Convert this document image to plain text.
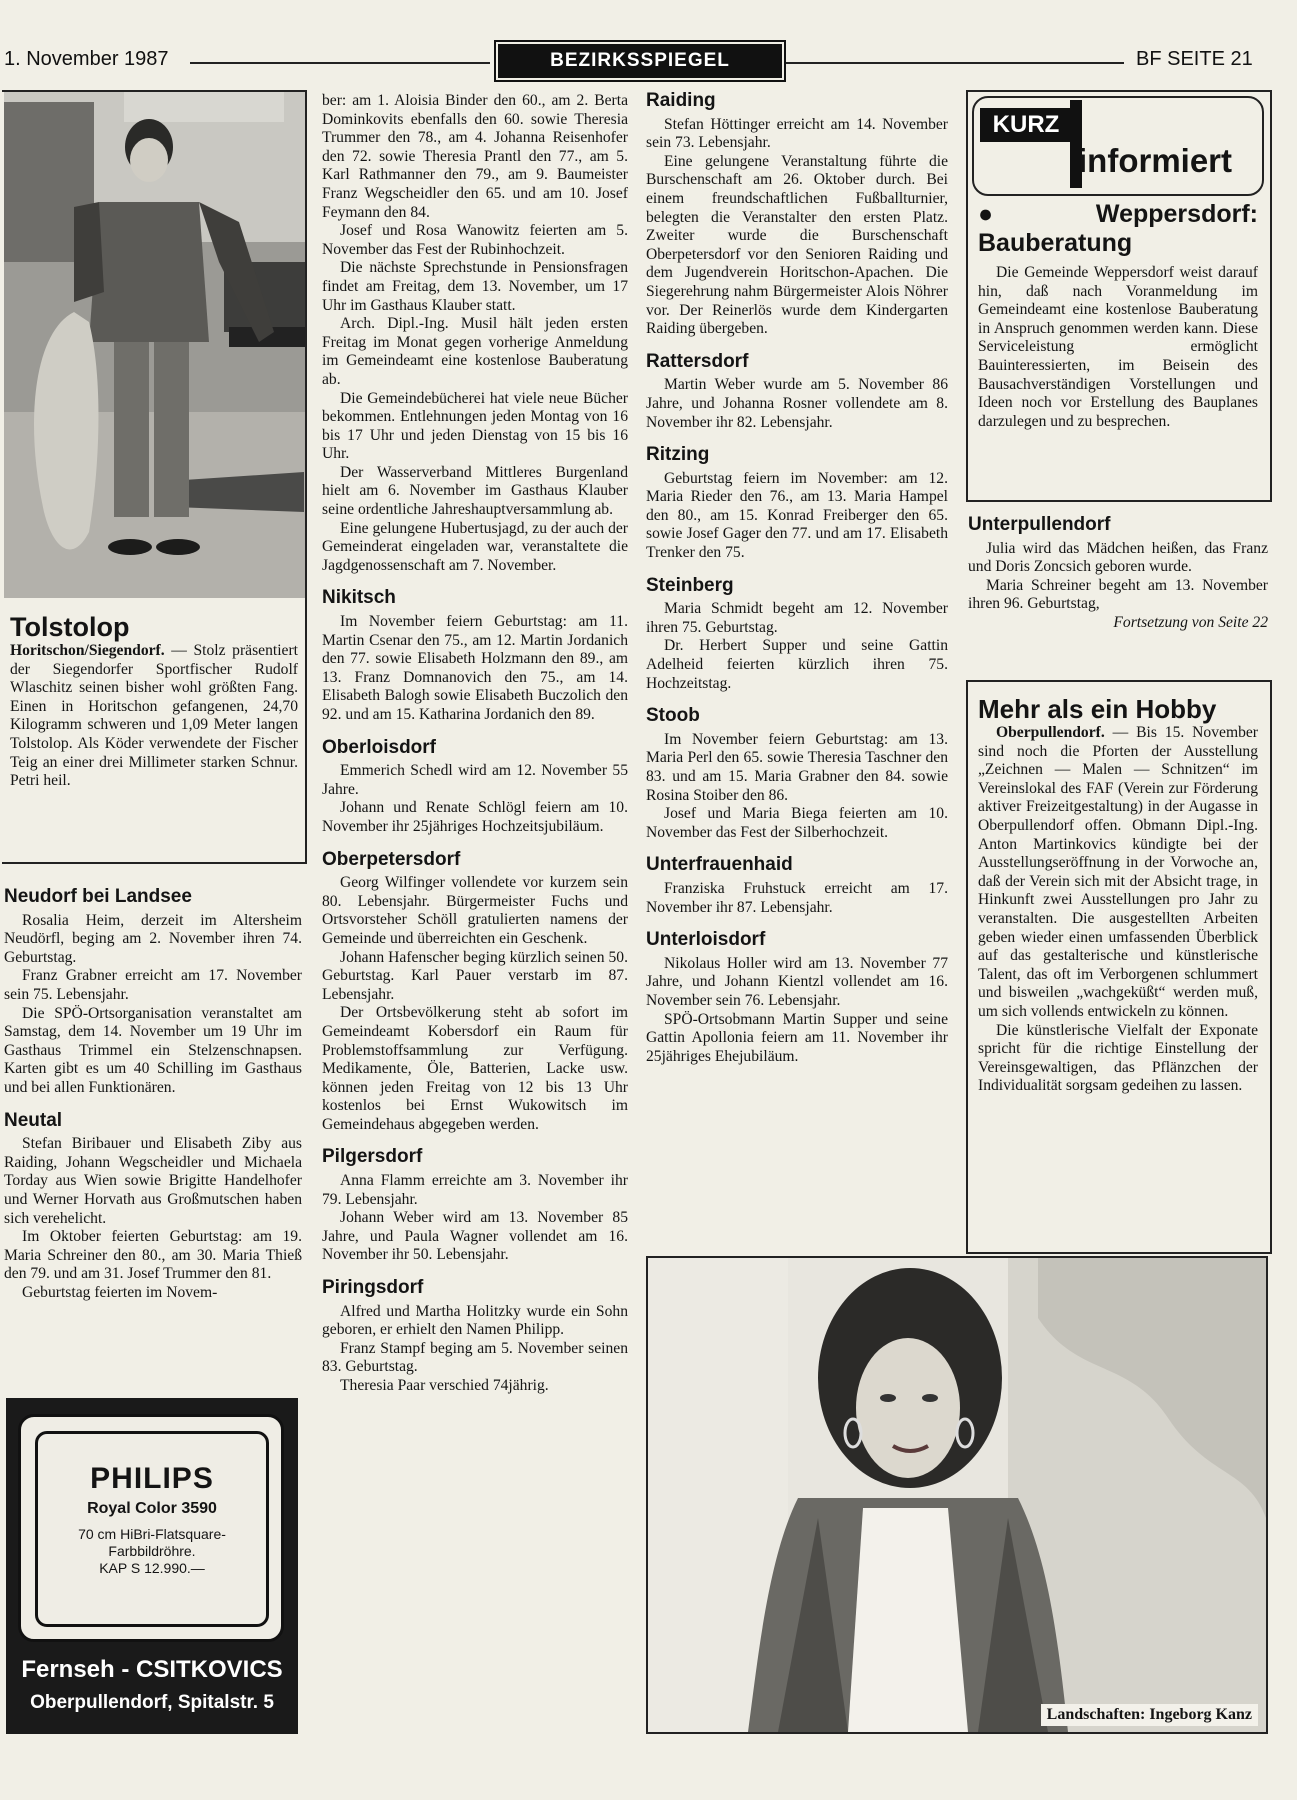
1. November 1987	BEZIRKSSPIEGEL	BF SEITE 21

Tolstolop

Horitschon/Siegendorf. — Stolz präsentiert der Siegendorfer Sportfischer Rudolf Wlaschitz seinen bisher wohl größten Fang. Einen in Horitschon gefangenen, 24,70 Kilogramm schweren und 1,09 Meter langen Tolstolop. Als Köder verwendete der Fischer Teig an einer drei Millimeter starken Schnur. Petri heil.

Neudorf bei Landsee

Rosalia Heim, derzeit im Altersheim Neudörfl, beging am 2. November ihren 74. Geburtstag.

Franz Grabner erreicht am 17. November sein 75. Lebensjahr.

Die SPÖ-Ortsorganisation veranstaltet am Samstag, dem 14. November um 19 Uhr im Gasthaus Trimmel ein Stelzenschnapsen. Karten gibt es um 40 Schilling im Gasthaus und bei allen Funktionären.

Neutal

Stefan Biribauer und Elisabeth Ziby aus Raiding, Johann Wegscheidler und Michaela Torday aus Wien sowie Brigitte Handelhofer und Werner Horvath aus Großmutschen haben sich verehelicht.

Im Oktober feierten Geburtstag: am 19. Maria Schreiner den 80., am 30. Maria Thieß den 79. und am 31. Josef Trummer den 81.

Geburtstag feierten im Novem-

PHILIPS
Royal Color 3590
70 cm HiBri-Flatsquare-Farbbildröhre.
KAP S 12.990.—
Fernseh - CSITKOVICS
Oberpullendorf, Spitalstr. 5

ber: am 1. Aloisia Binder den 60., am 2. Berta Dominkovits ebenfalls den 60. sowie Theresia Trummer den 78., am 4. Johanna Reisenhofer den 72. sowie Theresia Prantl den 77., am 5. Karl Rathmanner den 79., am 9. Baumeister Franz Wegscheidler den 65. und am 10. Josef Feymann den 84.

Josef und Rosa Wanowitz feierten am 5. November das Fest der Rubinhochzeit.

Die nächste Sprechstunde in Pensionsfragen findet am Freitag, dem 13. November, um 17 Uhr im Gasthaus Klauber statt.

Arch. Dipl.-Ing. Musil hält jeden ersten Freitag im Monat gegen vorherige Anmeldung im Gemeindeamt eine kostenlose Bauberatung ab.

Die Gemeindebücherei hat viele neue Bücher bekommen. Entlehnungen jeden Montag von 16 bis 17 Uhr und jeden Dienstag von 15 bis 16 Uhr.

Der Wasserverband Mittleres Burgenland hielt am 6. November im Gasthaus Klauber seine ordentliche Jahreshauptversammlung ab.

Eine gelungene Hubertusjagd, zu der auch der Gemeinderat eingeladen war, veranstaltete die Jagdgenossenschaft am 7. November.

Nikitsch

Im November feiern Geburtstag: am 11. Martin Csenar den 75., am 12. Martin Jordanich den 77. sowie Elisabeth Holzmann den 89., am 13. Franz Domnanovich den 75., am 14. Elisabeth Balogh sowie Elisabeth Buczolich den 92. und am 15. Katharina Jordanich den 89.

Oberloisdorf

Emmerich Schedl wird am 12. November 55 Jahre.

Johann und Renate Schlögl feiern am 10. November ihr 25jähriges Hochzeitsjubiläum.

Oberpetersdorf

Georg Wilfinger vollendete vor kurzem sein 80. Lebensjahr. Bürgermeister Fuchs und Ortsvorsteher Schöll gratulierten namens der Gemeinde und überreichten ein Geschenk.

Johann Hafenscher beging kürzlich seinen 50. Geburtstag. Karl Pauer verstarb im 87. Lebensjahr.

Der Ortsbevölkerung steht ab sofort im Gemeindeamt Kobersdorf ein Raum für Problemstoffsammlung zur Verfügung. Medikamente, Öle, Batterien, Lacke usw. können jeden Freitag von 12 bis 13 Uhr kostenlos bei Ernst Wukowitsch im Gemeindehaus abgegeben werden.

Pilgersdorf

Anna Flamm erreichte am 3. November ihr 79. Lebensjahr.

Johann Weber wird am 13. November 85 Jahre, und Paula Wagner vollendet am 16. November ihr 50. Lebensjahr.

Piringsdorf

Alfred und Martha Holitzky wurde ein Sohn geboren, er erhielt den Namen Philipp.

Franz Stampf beging am 5. November seinen 83. Geburtstag.

Theresia Paar verschied 74jährig.

Raiding

Stefan Höttinger erreicht am 14. November sein 73. Lebensjahr.

Eine gelungene Veranstaltung führte die Burschenschaft am 26. Oktober durch. Bei einem freundschaftlichen Fußballturnier, belegten die Veranstalter den ersten Platz. Zweiter wurde die Burschenschaft Oberpetersdorf vor den Senioren Raiding und dem Jugendverein Horitschon-Apachen. Die Siegerehrung nahm Bürgermeister Alois Nöhrer vor. Der Reinerlös wurde dem Kindergarten Raiding übergeben.

Rattersdorf

Martin Weber wurde am 5. November 86 Jahre, und Johanna Rosner vollendete am 8. November ihr 82. Lebensjahr.

Ritzing

Geburtstag feiern im November: am 12. Maria Rieder den 76., am 13. Maria Hampel den 80., am 15. Konrad Freiberger den 65. sowie Josef Gager den 77. und am 17. Elisabeth Trenker den 75.

Steinberg

Maria Schmidt begeht am 12. November ihren 75. Geburtstag.

Dr. Herbert Supper und seine Gattin Adelheid feierten kürzlich ihren 75. Hochzeitstag.

Stoob

Im November feiern Geburtstag: am 13. Maria Perl den 65. sowie Theresia Taschner den 83. und am 15. Maria Grabner den 84. sowie Rosina Stoiber den 86.

Josef und Maria Biega feierten am 10. November das Fest der Silberhochzeit.

Unterfrauenhaid

Franziska Fruhstuck erreicht am 17. November ihr 87. Lebensjahr.

Unterloisdorf

Nikolaus Holler wird am 13. November 77 Jahre, und Johann Kientzl vollendet am 16. November sein 76. Lebensjahr.

SPÖ-Ortsobmann Martin Supper und seine Gattin Apollonia feiern am 11. November ihr 25jähriges Ehejubiläum.

KURZ
informiert

● Weppersdorf: Bauberatung

Die Gemeinde Weppersdorf weist darauf hin, daß nach Voranmeldung im Gemeindeamt eine kostenlose Bauberatung in Anspruch genommen werden kann. Diese Serviceleistung ermöglicht Bauinteressierten, im Beisein des Bausachverständigen Vorstellungen und Ideen noch vor Erstellung des Bauplanes darzulegen und zu besprechen.

Unterpullendorf

Julia wird das Mädchen heißen, das Franz und Doris Zoncsich geboren wurde.

Maria Schreiner begeht am 13. November ihren 96. Geburtstag,

Fortsetzung von Seite 22

Mehr als ein Hobby

Oberpullendorf. — Bis 15. November sind noch die Pforten der Ausstellung „Zeichnen — Malen — Schnitzen“ im Vereinslokal des FAF (Verein zur Förderung aktiver Freizeitgestaltung) in der Augasse in Oberpullendorf offen. Obmann Dipl.-Ing. Anton Martinkovics kündigte bei der Ausstellungseröffnung in der Vorwoche an, daß der Verein sich mit der Absicht trage, in Hinkunft zwei Ausstellungen pro Jahr zu veranstalten. Die ausgestellten Arbeiten geben wieder einen umfassenden Überblick auf das gestalterische und künstlerische Talent, das oft im Verborgenen schlummert und bisweilen „wachgeküßt“ werden muß, um sich vollends entwickeln zu können.

Die künstlerische Vielfalt der Exponate spricht für die richtige Einstellung der Vereinsgewaltigen, das Pflänzchen der Individualität sorgsam gedeihen zu lassen.

Landschaften: Ingeborg Kanz
